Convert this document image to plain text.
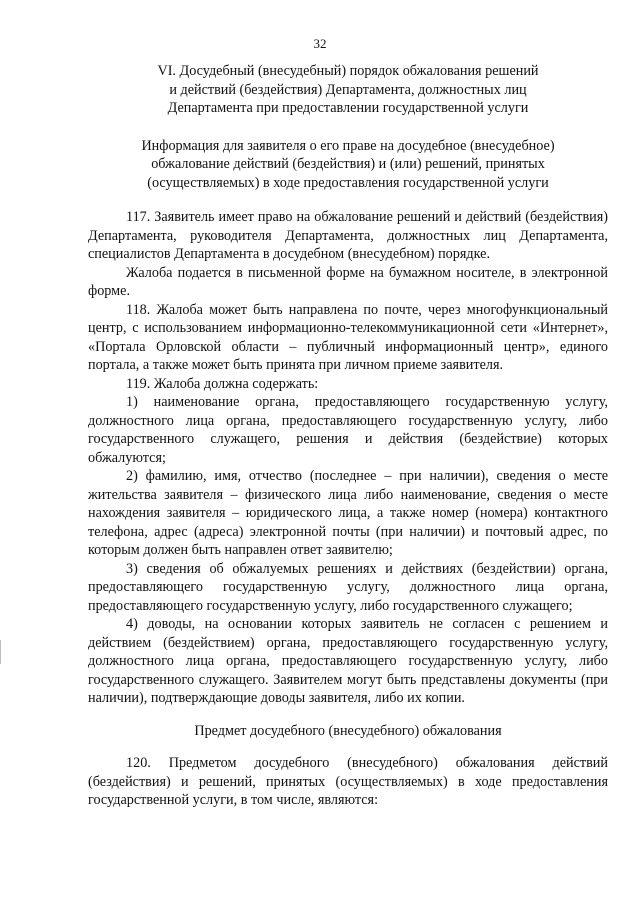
32
VI. Досудебный (внесудебный) порядок обжалования решений
и действий (бездействия) Департамента, должностных лиц
Департамента при предоставлении государственной услуги
Информация для заявителя о его праве на досудебное (внесудебное)
обжалование действий (бездействия) и (или) решений, принятых
(осуществляемых) в ходе предоставления государственной услуги

117. Заявитель имеет право на обжалование решений и действий (бездействия) Департамента, руководителя Департамента, должностных лиц Департамента, специалистов Департамента в досудебном (внесудебном) порядке.

Жалоба подается в письменной форме на бумажном носителе, в электронной форме.

118. Жалоба может быть направлена по почте, через многофункциональный центр, с использованием информационно-телекоммуникационной сети «Интернет», «Портала Орловской области – публичный информационный центр», единого портала, а также может быть принята при личном приеме заявителя.

119. Жалоба должна содержать:

1) наименование органа, предоставляющего государственную услугу, должностного лица органа, предоставляющего государственную услугу, либо государственного служащего, решения и действия (бездействие) которых обжалуются;

2) фамилию, имя, отчество (последнее – при наличии), сведения о месте жительства заявителя – физического лица либо наименование, сведения о месте нахождения заявителя – юридического лица, а также номер (номера) контактного телефона, адрес (адреса) электронной почты (при наличии) и почтовый адрес, по которым должен быть направлен ответ заявителю;

3) сведения об обжалуемых решениях и действиях (бездействии) органа, предоставляющего государственную услугу, должностного лица органа, предоставляющего государственную услугу, либо государственного служащего;

4) доводы, на основании которых заявитель не согласен с решением и действием (бездействием) органа, предоставляющего государственную услугу, должностного лица органа, предоставляющего государственную услугу, либо государственного служащего. Заявителем могут быть представлены документы (при наличии), подтверждающие доводы заявителя, либо их копии.

Предмет досудебного (внесудебного) обжалования

120. Предметом досудебного (внесудебного) обжалования действий (бездействия) и решений, принятых (осуществляемых) в ходе предоставления государственной услуги, в том числе, являются:
